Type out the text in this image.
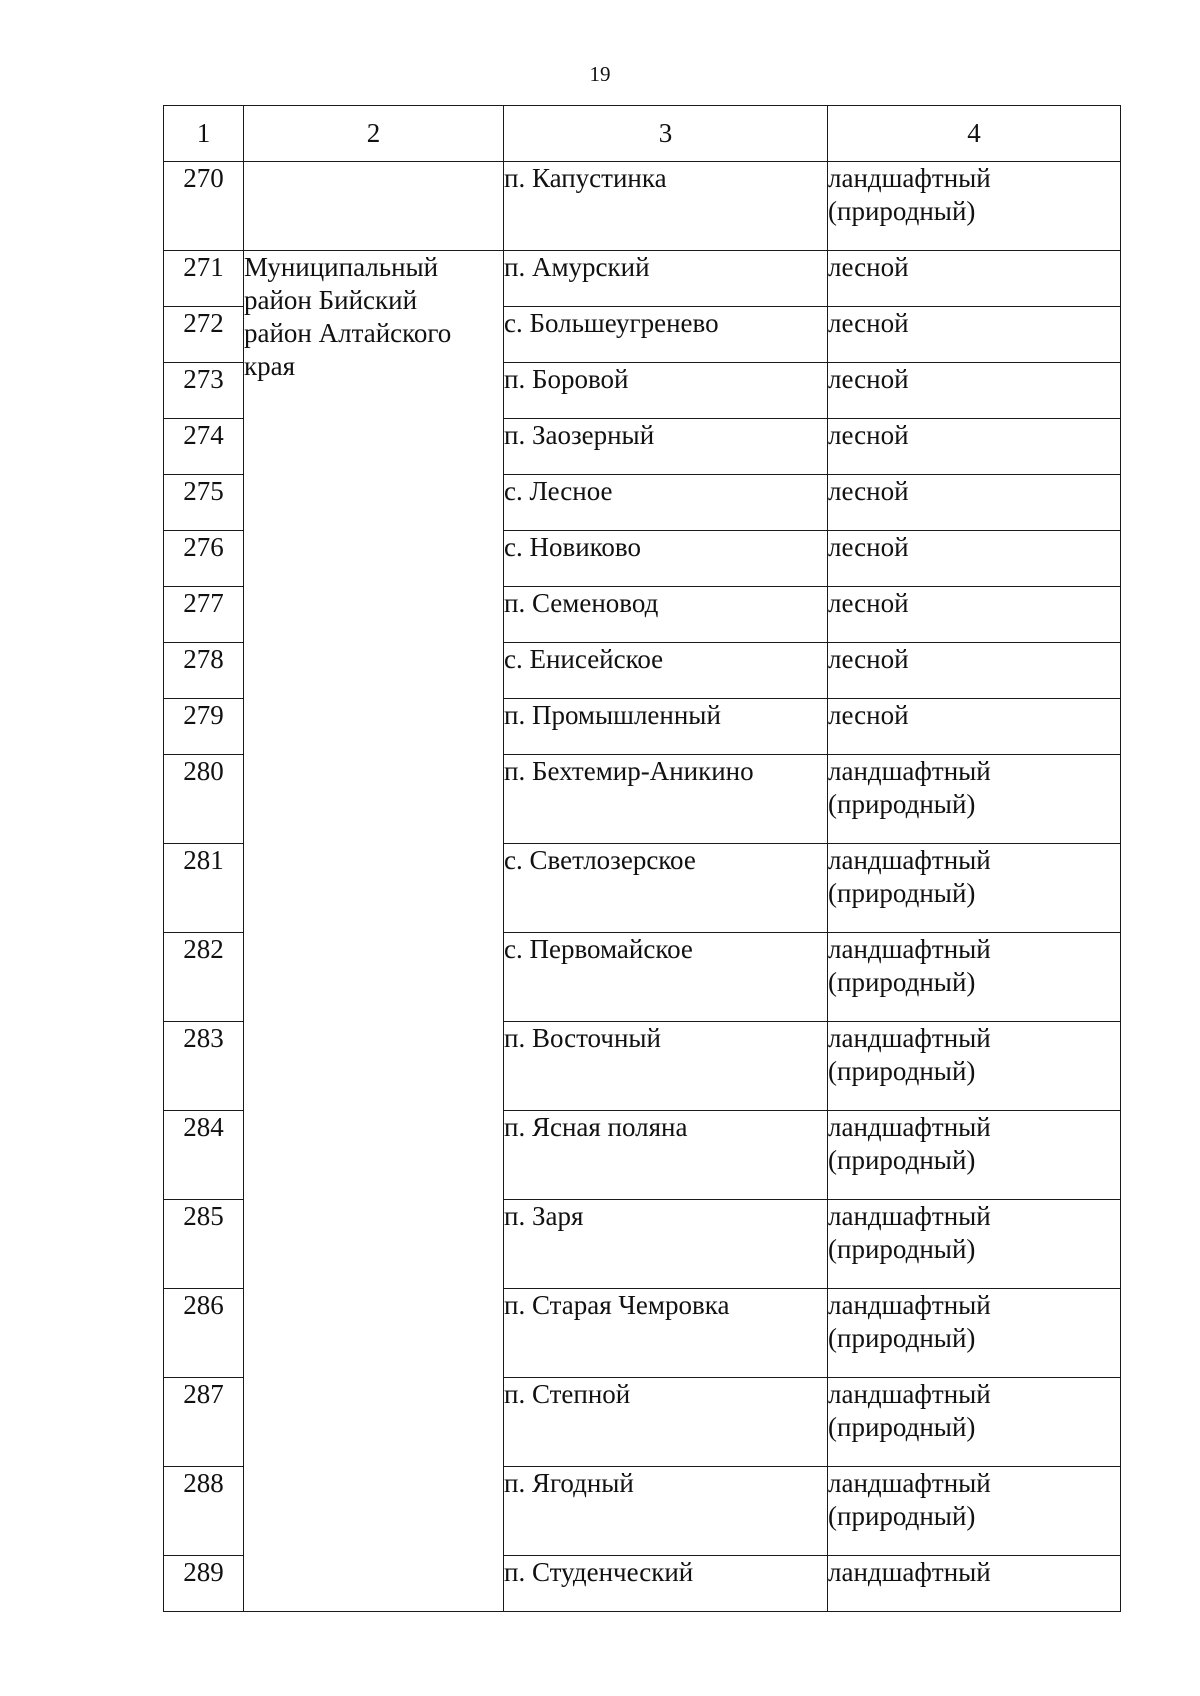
19
1	2	3	4
270		п. Капустинка	ландшафтный
(природный)

271	Муниципальный
район Бийский
район Алтайского
края	п. Амурский	лесной

272		с. Большеугренево	лесной

273		п. Боровой	лесной

274		п. Заозерный	лесной

275		с. Лесное	лесной

276		с. Новиково	лесной

277		п. Семеновод	лесной

278		с. Енисейское	лесной

279		п. Промышленный	лесной

280		п. Бехтемир-Аникино	ландшафтный
(природный)

281		с. Светлозерское	ландшафтный
(природный)

282		с. Первомайское	ландшафтный
(природный)

283		п. Восточный	ландшафтный
(природный)

284		п. Ясная поляна	ландшафтный
(природный)

285		п. Заря	ландшафтный
(природный)

286		п. Старая Чемровка	ландшафтный
(природный)

287		п. Степной	ландшафтный
(природный)

288		п. Ягодный	ландшафтный
(природный)

289		п. Студенческий	ландшафтный
